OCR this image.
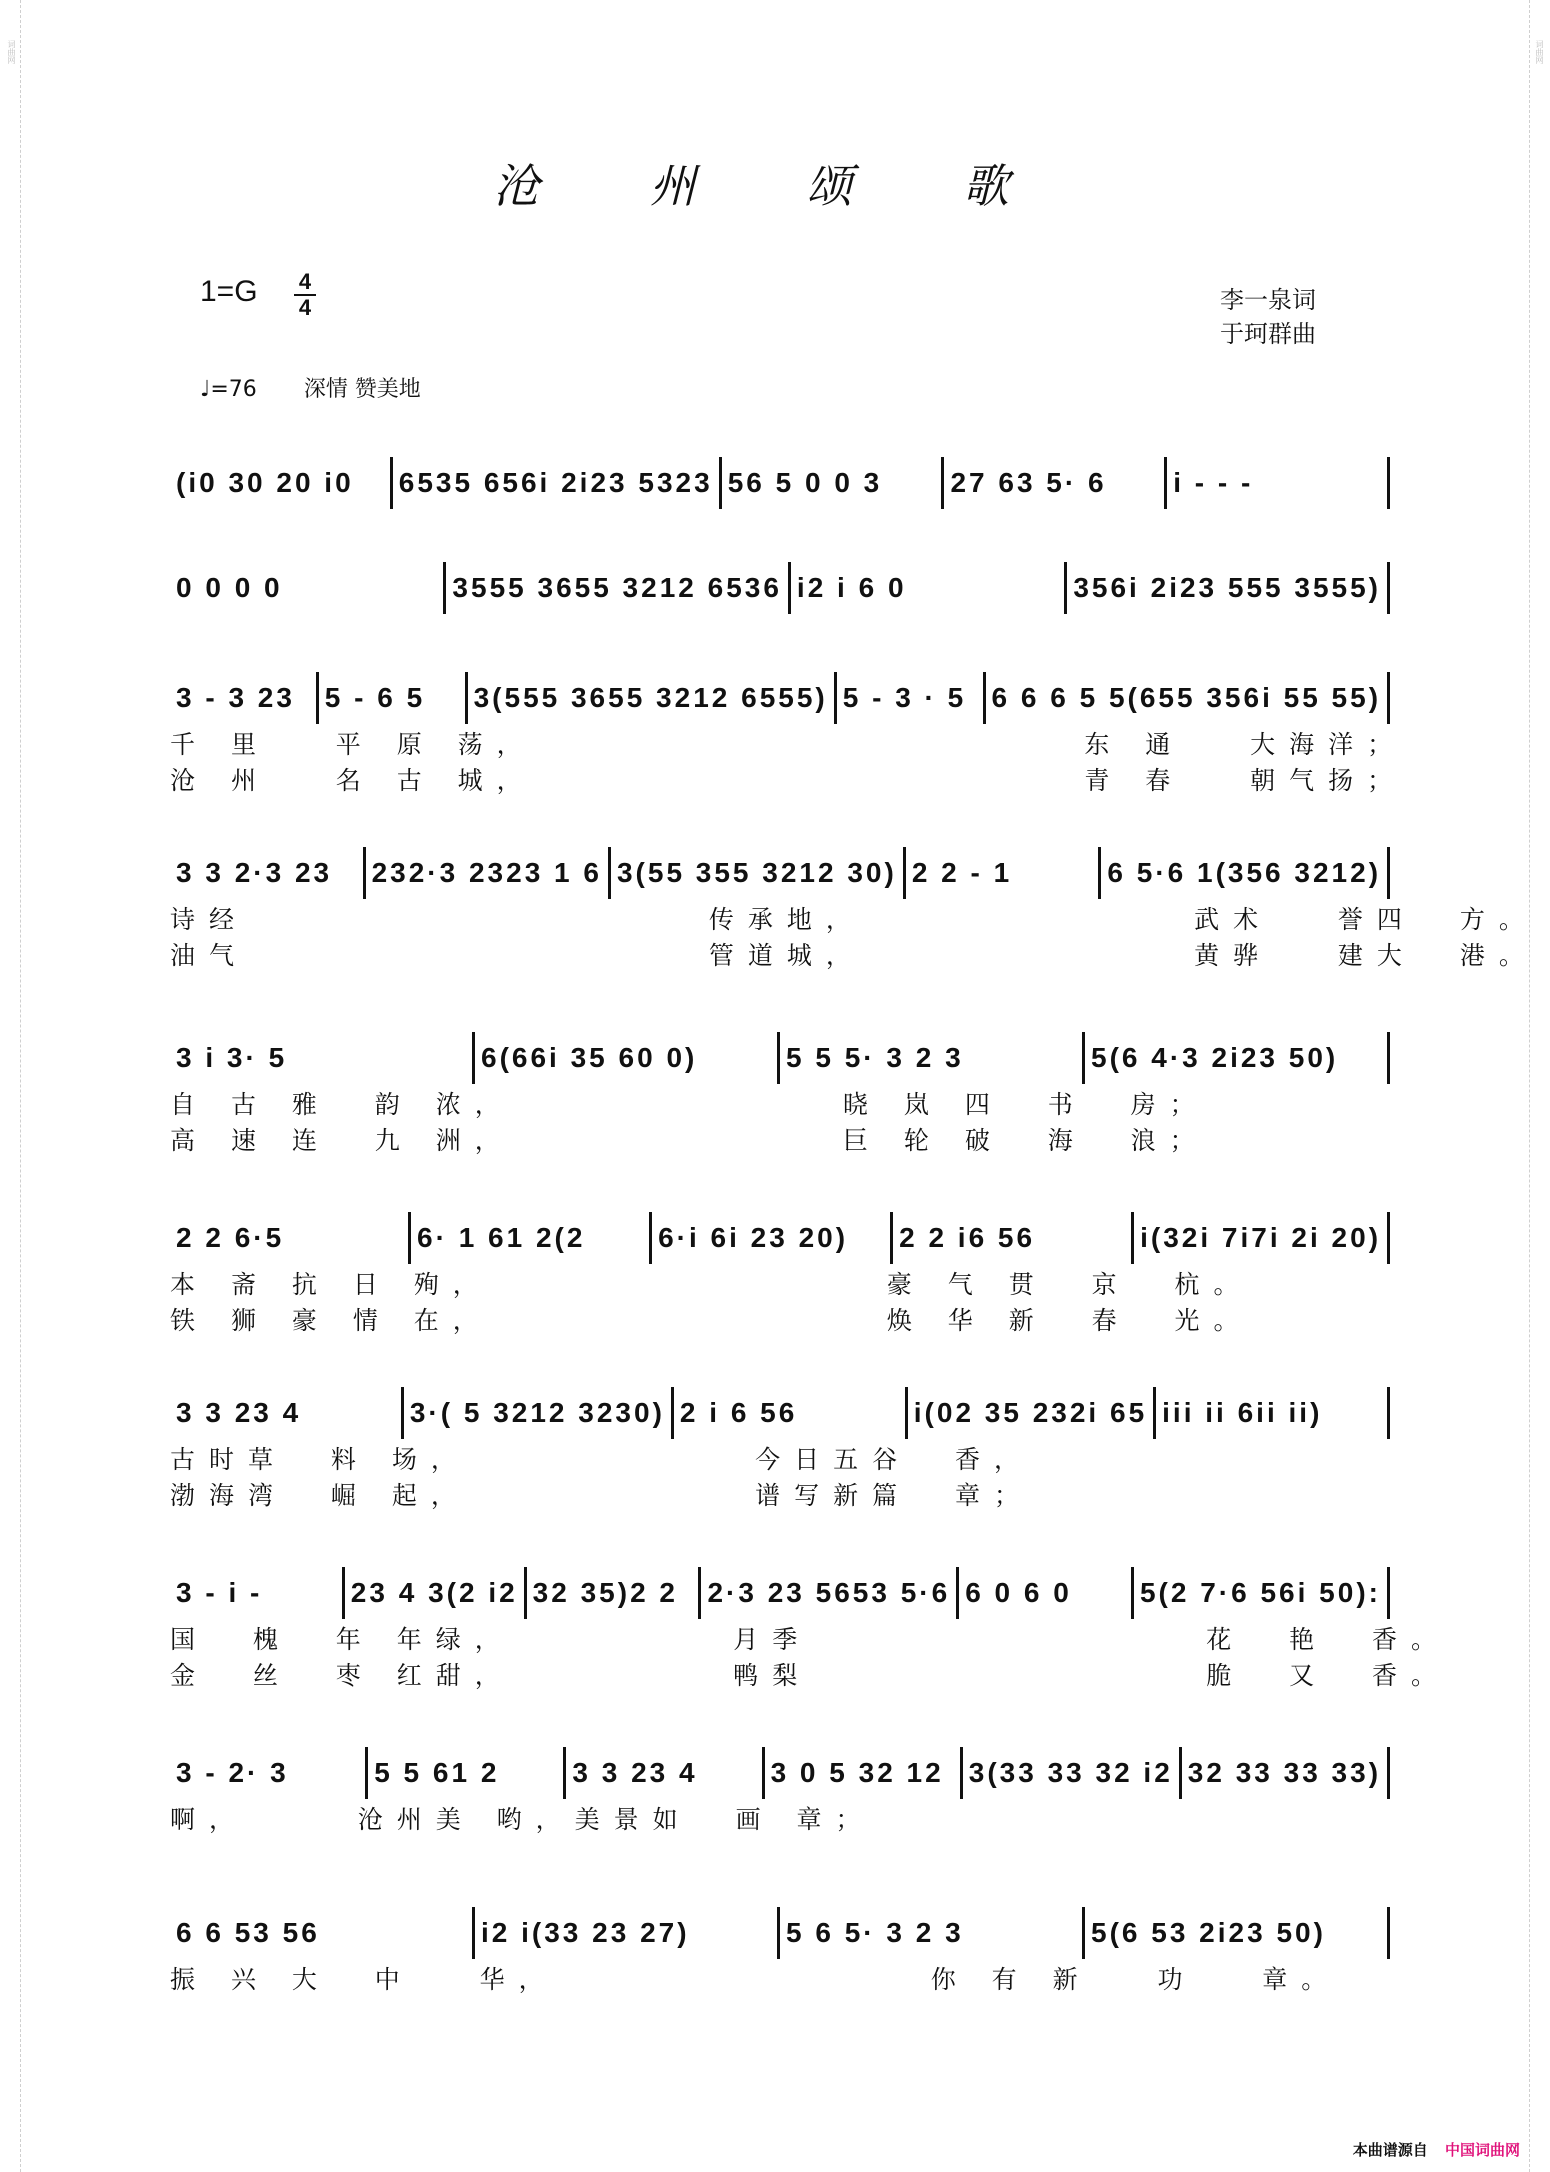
词曲网	词曲网
沧 州 颂 歌
1=G	4
4	李一泉词
于珂群曲
♩=76 深情 赞美地
(i0 30 20 i0	6535 656i 2i23 5323 56 5 0 0 3	27 63 5· 6	i - - -
0 0 0 0	3555 3655 3212 6536 i2 i 6 0	356i 2i23 555 3555)
3 - 3 23	5 - 6 5	3(555 3655 3212 6555) 5 - 3 · 5 6 6 6 5 5(655 356i 55 55)
千 里   平 原 荡，                         东 通   大海洋；
沧 州   名 古 城，                         青 春   朝气扬；
3 3 2·3 23	232·3 2323 1 6 3(55 355 3212 30) 2 2 - 1	6 5·6 1(356 3212)
诗经                     传承地，               武术   誉四  方。
油气                     管道城，               黄骅   建大  港。
3 i 3· 5	6(66i 35 60 0)	5 5 5· 3 2 3	5(6 4·3 2i23 50)
自 古 雅  韵 浓，               晓 岚 四  书  房；
高 速 连  九 洲，               巨 轮 破  海  浪；
2 2 6·5	6· 1 61 2(2	6·i 6i 23 20)	2 2 i6 56	i(32i 7i7i 2i 20)
本 斋 抗 日 殉，                  豪 气 贯  京  杭。
铁 狮 豪 情 在，                  焕 华 新  春  光。
3 3 23 4	3·( 5 3212 3230) 2 i 6 56	i(02 35 232i 65 iii ii 6ii ii)
古时草  料 场，             今日五谷  香，
渤海湾  崛 起，             谱写新篇  章；
3 - i -	23 4 3(2 i2 32 35)2 2	2·3 23 5653 5·6 6 0 6 0	5(2 7·6 56i 50):
国  槐  年 年绿，          月季                  花  艳  香。
金  丝  枣 红甜，          鸭梨                  脆  又  香。
3 - 2· 3	5 5 61 2	3 3 23 4	3 0 5 32 12 3(33 33 32 i2 32 33 33 33)
啊，     沧州美 哟，美景如  画 章；
6 6 53 56	i2 i(33 23 27)	5 6 5· 3 2 3	5(6 53 2i23 50)
振 兴 大  中   华，                 你 有 新   功   章。
本曲谱源自 中国词曲网
